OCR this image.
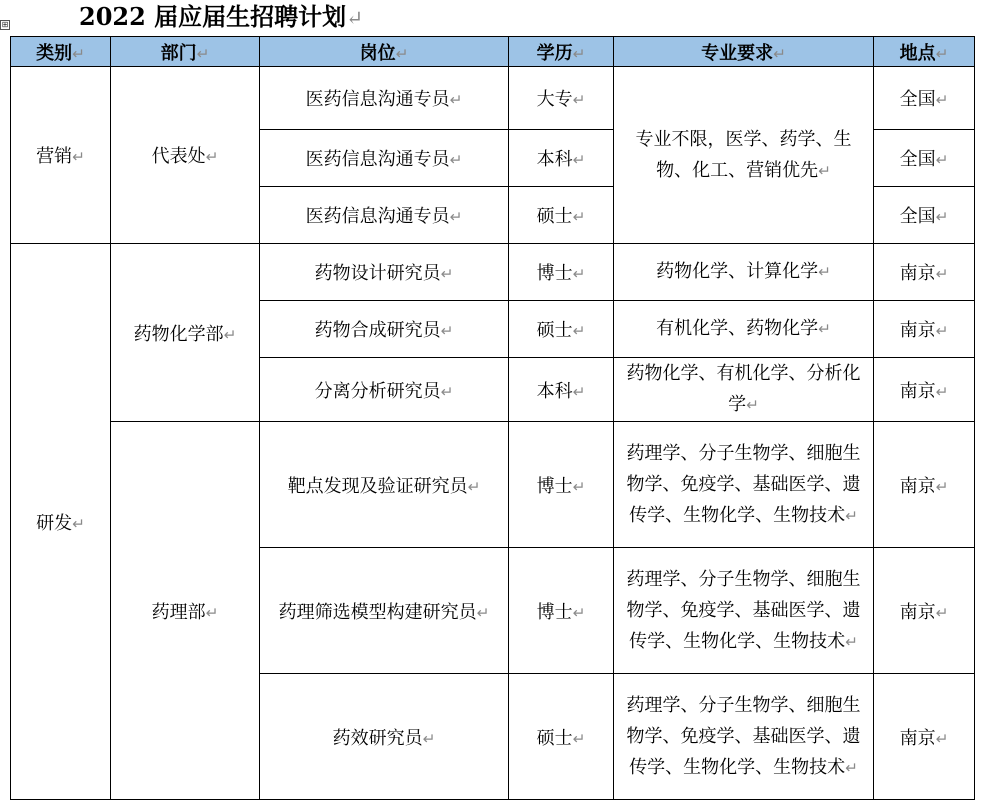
⊞	2022 届应届生招聘计划↵
类别↵	部门↵	岗位↵	学历↵	专业要求↵	地点↵
营销↵	代表处↵	医药信息沟通专员↵	大专↵	专业不限，医学、药学、生物、化工、营销优先↵	全国↵
		医药信息沟通专员↵	本科↵		全国↵
		医药信息沟通专员↵	硕士↵		全国↵
研发↵	药物化学部↵	药物设计研究员↵	博士↵	药物化学、计算化学↵	南京↵
		药物合成研究员↵	硕士↵	有机化学、药物化学↵	南京↵
		分离分析研究员↵	本科↵	药物化学、有机化学、分析化学↵	南京↵
	药理部↵	靶点发现及验证研究员↵	博士↵	药理学、分子生物学、细胞生物学、免疫学、基础医学、遗传学、生物化学、生物技术↵	南京↵
		药理筛选模型构建研究员↵	博士↵	药理学、分子生物学、细胞生物学、免疫学、基础医学、遗传学、生物化学、生物技术↵	南京↵
		药效研究员↵	硕士↵	药理学、分子生物学、细胞生物学、免疫学、基础医学、遗传学、生物化学、生物技术↵	南京↵
